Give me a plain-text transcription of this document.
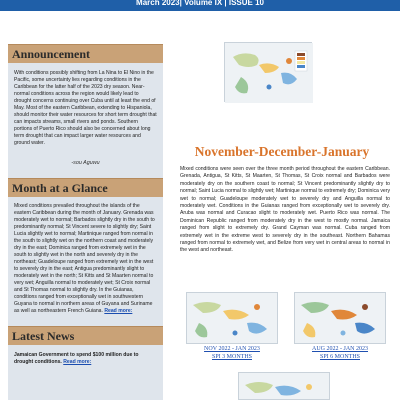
March 2023| Volume IX | ISSUE 10
Announcement

With conditions possibly shifting from La Nina to El Nino in the Pacific, some uncertainty lies regarding conditions in the Caribbean for the latter half of the 2023 dry season. Near-normal conditions across the region would likely lead to drought concerns continuing over Cuba until at least the end of May. Most of the eastern Caribbean, extending to Hispaniola, should monitor their water resources for short term drought that can impacts streams, small rivers and ponds. Southern portions of Puerto Rico should also be concerned about long term drought that can impact larger water resources and ground water.

-sou Aguwu

Month at a Glance

Mixed conditions prevailed throughout the islands of the eastern Caribbean during the month of January. Grenada was moderately wet to normal; Barbados slightly dry in the south to predominantly normal; St Vincent severe to slightly dry; Saint Lucia slightly wet to normal; Martinique ranged from normal in the south to slightly wet on the northern coast and moderately dry in the east; Dominica ranged from extremely wet in the south to slightly wet in the north and severely dry in the northeast; Guadeloupe ranged from extremely wet in the west to severely dry in the east; Antigua predominantly slight to moderately wet in the north; St Kitts and St Maarten normal to very wet; Anguilla normal to moderately wet; St Croix normal and St Thomas normal to slightly dry. In the Guianas, conditions ranged from exceptionally wet in southwestern Guyana to normal in northern areas of Guyana and Suriname as well as northeastern French Guiana. Read more:

Latest News

Jamaican Government to spend $100 million due to drought conditions. Read more:

November-December-January

Mixed conditions were seen over the three month period throughout the eastern Caribbean. Grenada, Antigua, St Kitts, St Maarten, St Thomas, St Croix normal and Barbados were moderately dry on the southern coast to normal; St Vincent predominantly slightly dry to normal; Saint Lucia normal to slightly wet; Martinique normal to extremely dry; Dominica very wet to normal; Guadeloupe moderately wet to severely dry and Anguilla normal to moderately wet. Conditions in the Guianas ranged from exceptionally wet to severely dry. Aruba was normal and Curacao slight to moderately wet. Puerto Rico was normal. The Dominican Republic ranged from moderately dry in the west to mostly normal. Jamaica ranged from slight to extremely dry. Grand Cayman was normal. Cuba ranged from extremely wet in the extreme west to severely dry in the southeast. Northern Bahamas ranged from normal to extremely wet, and Belize from very wet in central areas to normal in the west and northeast.

NOV 2022 - JAN 2023
SPI 3 MONTHS
AUG 2022 - JAN 2023
SPI 6 MONTHS
